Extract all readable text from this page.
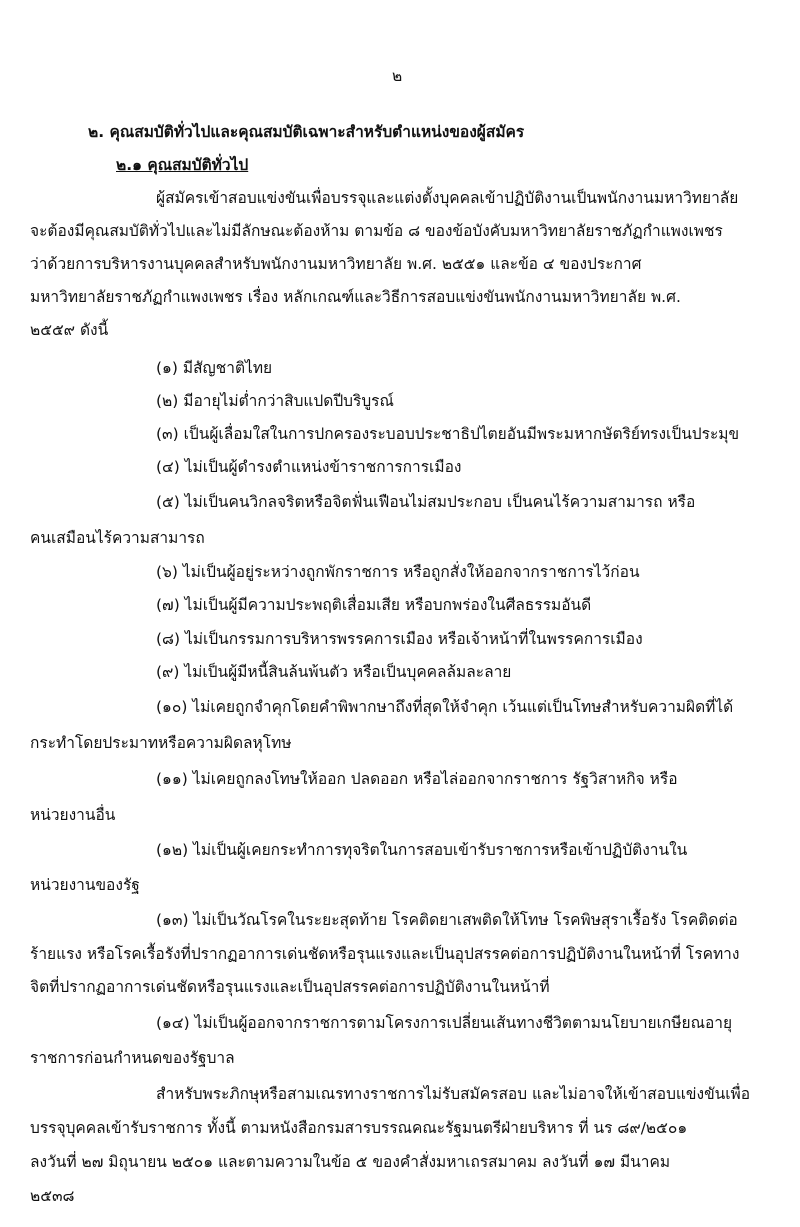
๒
๒. คุณสมบัติทั่วไปและคุณสมบัติเฉพาะสำหรับตำแหน่งของผู้สมัคร
๒.๑ คุณสมบัติทั่วไป
ผู้สมัครเข้าสอบแข่งขันเพื่อบรรจุและแต่งตั้งบุคคลเข้าปฏิบัติงานเป็นพนักงานมหาวิทยาลัย
จะต้องมีคุณสมบัติทั่วไปและไม่มีลักษณะต้องห้าม ตามข้อ ๘ ของข้อบังคับมหาวิทยาลัยราชภัฏกำแพงเพชร
ว่าด้วยการบริหารงานบุคคลสำหรับพนักงานมหาวิทยาลัย พ.ศ. ๒๕๕๑ และข้อ ๔ ของประกาศ
มหาวิทยาลัยราชภัฏกำแพงเพชร เรื่อง หลักเกณฑ์และวิธีการสอบแข่งขันพนักงานมหาวิทยาลัย พ.ศ.
๒๕๕๙ ดังนี้
(๑) มีสัญชาติไทย
(๒) มีอายุไม่ต่ำกว่าสิบแปดปีบริบูรณ์
(๓) เป็นผู้เลื่อมใสในการปกครองระบอบประชาธิปไตยอันมีพระมหากษัตริย์ทรงเป็นประมุข
(๔) ไม่เป็นผู้ดำรงตำแหน่งข้าราชการการเมือง
(๕) ไม่เป็นคนวิกลจริตหรือจิตฟั่นเฟือนไม่สมประกอบ เป็นคนไร้ความสามารถ หรือ
คนเสมือนไร้ความสามารถ
(๖) ไม่เป็นผู้อยู่ระหว่างถูกพักราชการ หรือถูกสั่งให้ออกจากราชการไว้ก่อน
(๗) ไม่เป็นผู้มีความประพฤติเสื่อมเสีย หรือบกพร่องในศีลธรรมอันดี
(๘) ไม่เป็นกรรมการบริหารพรรคการเมือง หรือเจ้าหน้าที่ในพรรคการเมือง
(๙) ไม่เป็นผู้มีหนี้สินล้นพ้นตัว หรือเป็นบุคคลล้มละลาย
(๑๐) ไม่เคยถูกจำคุกโดยคำพิพากษาถึงที่สุดให้จำคุก เว้นแต่เป็นโทษสำหรับความผิดที่ได้
กระทำโดยประมาทหรือความผิดลหุโทษ
(๑๑) ไม่เคยถูกลงโทษให้ออก ปลดออก หรือไล่ออกจากราชการ รัฐวิสาหกิจ หรือ
หน่วยงานอื่น
(๑๒) ไม่เป็นผู้เคยกระทำการทุจริตในการสอบเข้ารับราชการหรือเข้าปฏิบัติงานใน
หน่วยงานของรัฐ
(๑๓) ไม่เป็นวัณโรคในระยะสุดท้าย โรคติดยาเสพติดให้โทษ โรคพิษสุราเรื้อรัง โรคติดต่อ
ร้ายแรง หรือโรคเรื้อรังที่ปรากฏอาการเด่นชัดหรือรุนแรงและเป็นอุปสรรคต่อการปฏิบัติงานในหน้าที่ โรคทาง
จิตที่ปรากฏอาการเด่นชัดหรือรุนแรงและเป็นอุปสรรคต่อการปฏิบัติงานในหน้าที่
(๑๔) ไม่เป็นผู้ออกจากราชการตามโครงการเปลี่ยนเส้นทางชีวิตตามนโยบายเกษียณอายุ
ราชการก่อนกำหนดของรัฐบาล
สำหรับพระภิกษุหรือสามเณรทางราชการไม่รับสมัครสอบ และไม่อาจให้เข้าสอบแข่งขันเพื่อ
บรรจุบุคคลเข้ารับราชการ ทั้งนี้ ตามหนังสือกรมสารบรรณคณะรัฐมนตรีฝ่ายบริหาร ที่ นร ๘๙/๒๕๐๑
ลงวันที่ ๒๗ มิถุนายน ๒๕๐๑ และตามความในข้อ ๕ ของคำสั่งมหาเถรสมาคม ลงวันที่ ๑๗ มีนาคม
๒๕๓๘
